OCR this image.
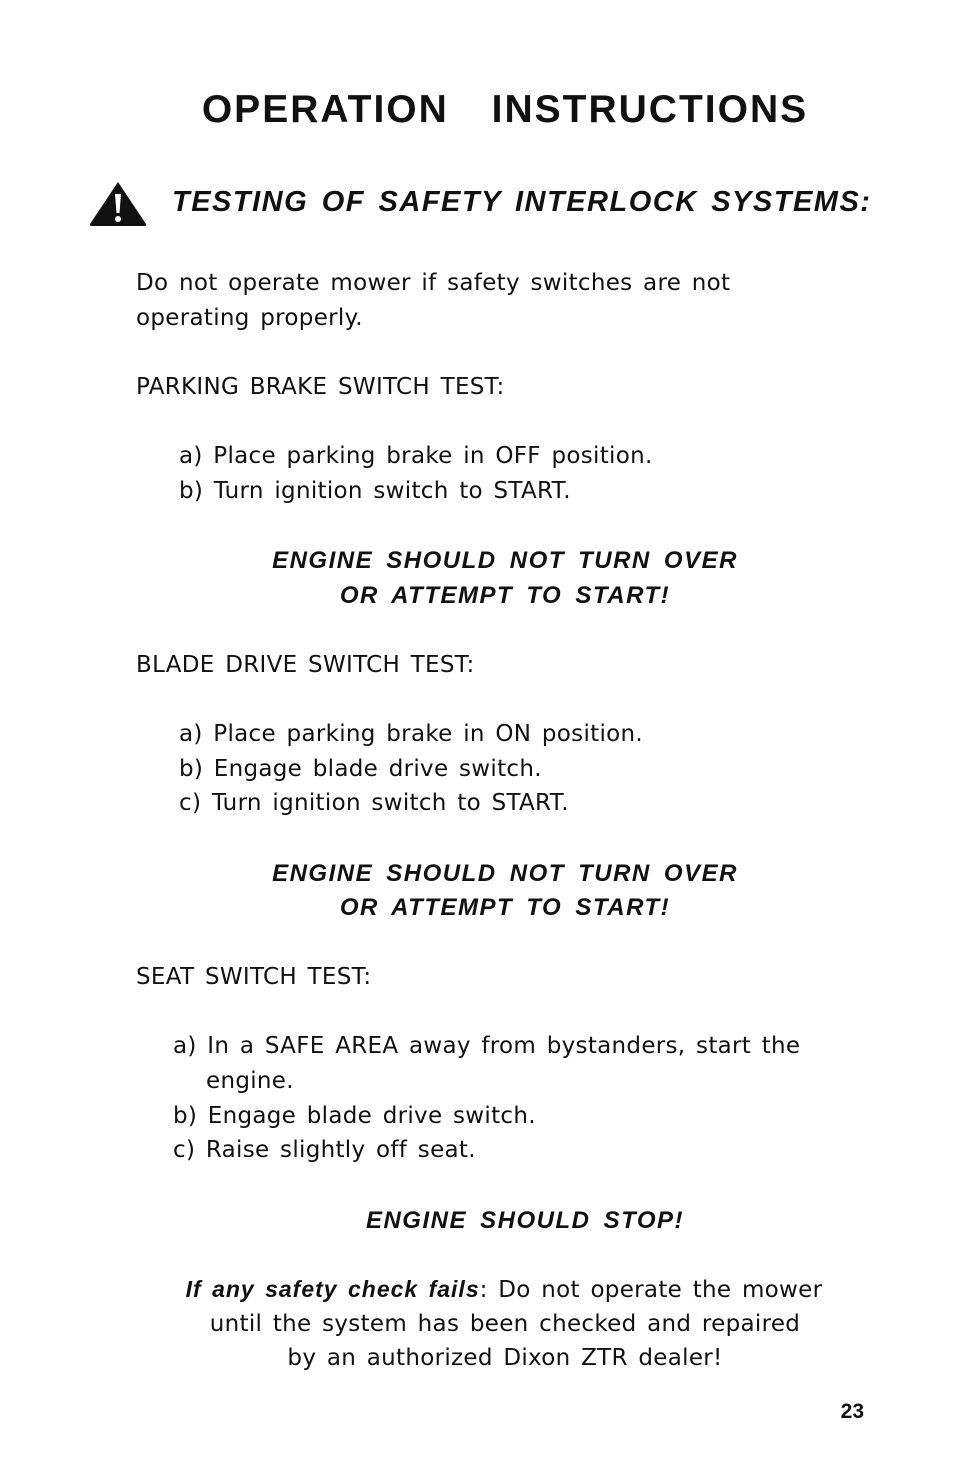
OPERATION INSTRUCTIONS
TESTING OF SAFETY INTERLOCK SYSTEMS:
Do not operate mower if safety switches are not
operating properly.
PARKING BRAKE SWITCH TEST:
a) Place parking brake in OFF position.
b) Turn ignition switch to START.
ENGINE SHOULD NOT TURN OVER
OR ATTEMPT TO START!
BLADE DRIVE SWITCH TEST:
a) Place parking brake in ON position.
b) Engage blade drive switch.
c) Turn ignition switch to START.
ENGINE SHOULD NOT TURN OVER
OR ATTEMPT TO START!
SEAT SWITCH TEST:
a) In a SAFE AREA away from bystanders, start the
engine.
b) Engage blade drive switch.
c) Raise slightly off seat.
ENGINE SHOULD STOP!
If any safety check fails: Do not operate the mower
until the system has been checked and repaired
by an authorized Dixon ZTR dealer!
23
